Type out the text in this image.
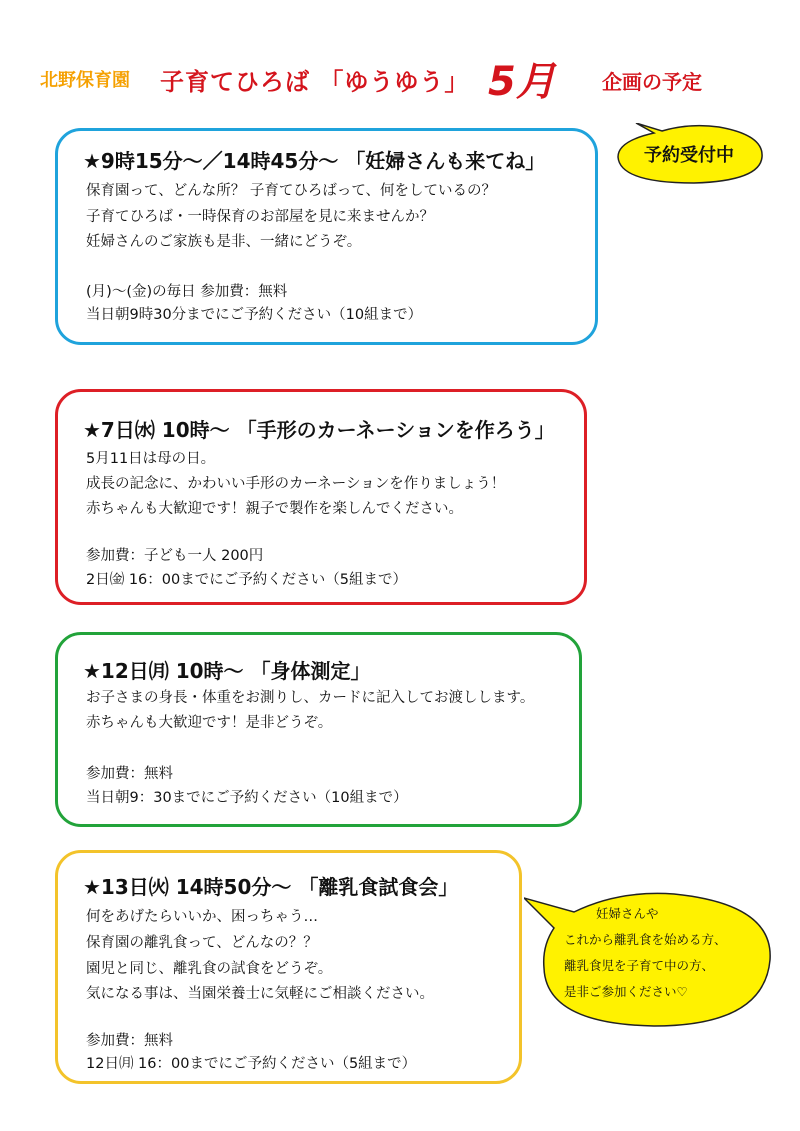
北野保育園 子育てひろば 「ゆうゆう」 5月 企画の予定
予約受付中
★9時15分～／14時45分～ 「妊婦さんも来てね」
保育園って、どんな所？ 子育てひろばって、何をしているの？
子育てひろば・一時保育のお部屋を見に来ませんか？
妊婦さんのご家族も是非、一緒にどうぞ。
(月)～(金)の毎日 参加費：無料
当日朝9時30分までにご予約ください（10組まで）
★7日㈬ 10時～ 「手形のカーネーションを作ろう」
5月11日は母の日。
成長の記念に、かわいい手形のカーネーションを作りましょう！
赤ちゃんも大歓迎です！親子で製作を楽しんでください。
参加費：子ども一人 200円
2日㈮ 16：00までにご予約ください（5組まで）
★12日㈪ 10時～ 「身体測定」
お子さまの身長・体重をお測りし、カードに記入してお渡しします。
赤ちゃんも大歓迎です！是非どうぞ。
参加費：無料
当日朝9：30までにご予約ください（10組まで）
★13日㈫ 14時50分～ 「離乳食試食会」
何をあげたらいいか、困っちゃう…
保育園の離乳食って、どんなの？？
園児と同じ、離乳食の試食をどうぞ。
気になる事は、当園栄養士に気軽にご相談ください。
参加費：無料
12日㈪ 16：00までにご予約ください（5組まで）
妊婦さんや
これから離乳食を始める方、
離乳食児を子育て中の方、
是非ご参加ください♡
